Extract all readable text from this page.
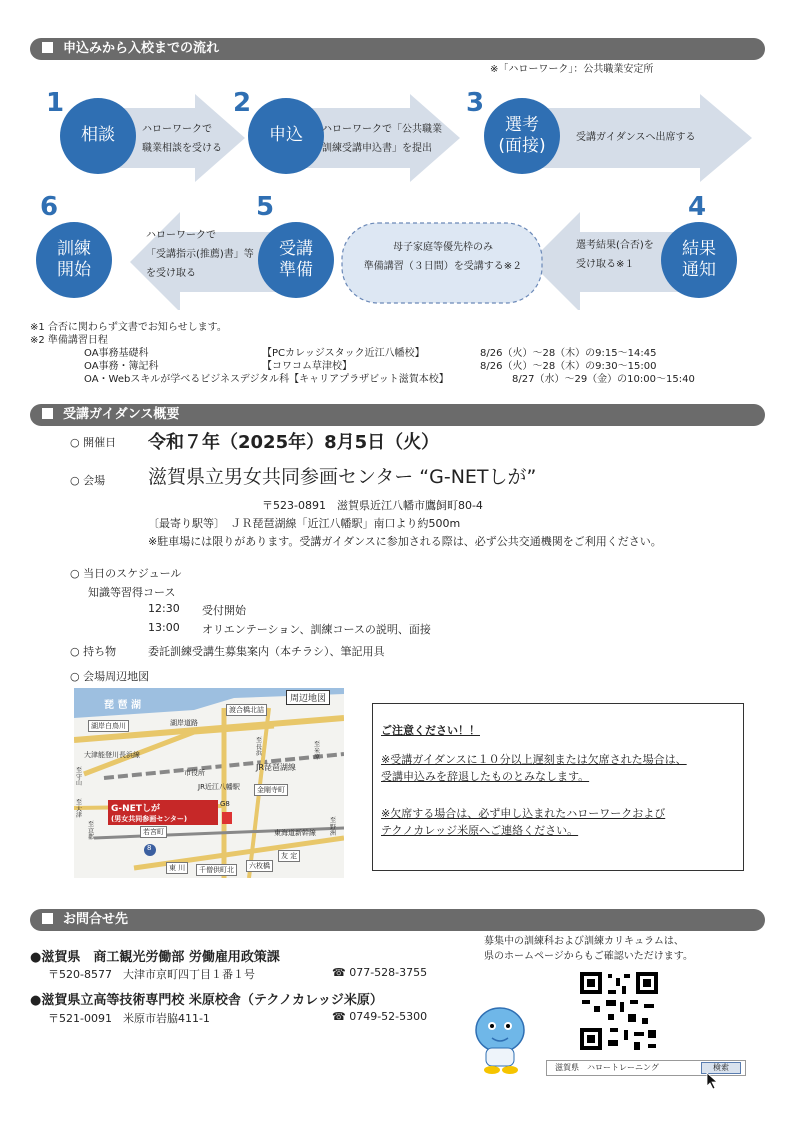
申込みから入校までの流れ
※「ハローワーク」：公共職業安定所
1
相談	ハローワークで
職業相談を受ける
2
申込	ハローワークで「公共職業
訓練受講申込書」を提出
3
選考
(面接)	受講ガイダンスへ出席する
4
結果
通知
選考結果(合否)を
受け取る※１
母子家庭等優先枠のみ
準備講習（３日間）を受講する※２
5
受講
準備
ハローワークで
「受講指示(推薦)書」等
を受け取る
6
訓練
開始
※1 合否に関わらず文書でお知らせします。
※2 準備講習日程
OA事務基礎科	【PCカレッジスタック近江八幡校】	8/26（火）～28（木）の9:15～14:45
OA事務・簿記科	【コワコム草津校】	8/26（火）～28（木）の9:30～15:00
OA・Webスキルが学べるビジネスデジタル科【キャリアプラザビット滋賀本校】	8/27（水）～29（金）の10:00～15:40
受講ガイダンス概要
○ 開催日 令和７年（2025年）8月5日（火）
○ 会場 滋賀県立男女共同参画センター “G-NETしが”
〒523-0891　滋賀県近江八幡市鷹飼町80-4
〔最寄り駅等〕　ＪＲ琵琶湖線「近江八幡駅」南口より約500m
※駐車場には限りがあります。受講ガイダンスに参加される際は、必ず公共交通機関をご利用ください。
○ 当日のスケジュール
知識等習得コース
12:30 受付開始
13:00 オリエンテーション、訓練コースの説明、面接
○ 持ち物	委託訓練受講生募集案内（本チラシ）、筆記用具
○ 会場周辺地図
琵 琶 湖
周辺地図
湖岸白鳥川	湖岸道路
渡合橋北詰
大津能登川長浜線
市役所
JR近江八幡駅
JR琵琶湖線
金剛寺町
G-NETしが
(男女共同参画センター)
若宮町	東海道新幹線
東 川	千僧供町北	六枚橋
友 定
8
至長浜
至米原
至守山
至大津
至京都
至野洲
G8
ご注意ください！！
※受講ガイダンスに１０分以上遅刻または欠席された場合は、
受講申込みを辞退したものとみなします。
※欠席する場合は、必ず申し込まれたハローワークおよび
テクノカレッジ米原へご連絡ください。
お問合せ先
●滋賀県　商工観光労働部 労働雇用政策課
〒520-8577　大津市京町四丁目１番１号	☎ 077-528-3755
●滋賀県立高等技術専門校 米原校舎（テクノカレッジ米原）
〒521-0091　米原市岩脇411-1	☎ 0749-52-5300
募集中の訓練科および訓練カリキュラムは、
県のホームページからもご確認いただけます。
滋賀県　ハロートレーニング	検索
